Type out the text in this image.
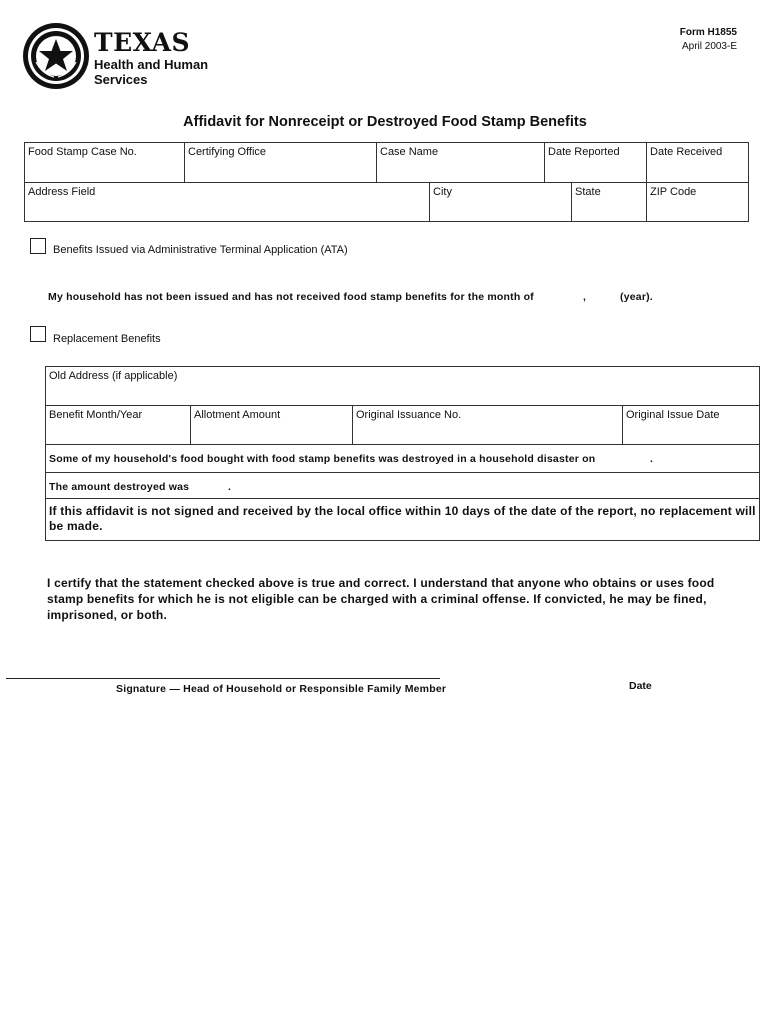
TEXAS
Health and Human
Services
Form H1855
April 2003-E
Affidavit for Nonreceipt or Destroyed Food Stamp Benefits
Food Stamp Case No.	Certifying Office	Case Name		Date Reported		Date Received
Address Field			City		State	ZIP Code
Benefits Issued via Administrative Terminal Application (ATA)
My household has not been issued and has not received food stamp benefits for the month of	,	(year).
Replacement Benefits
Old Address (if applicable)
Benefit Month/Year	Allotment Amount	Original Issuance No.	Original Issue Date
Some of my household's food bought with food stamp benefits was destroyed in a household disaster on	.

The amount destroyed was	.

If this affidavit is not signed and received by the local office within 10 days of the date of the report, no replacement will be made.
I certify that the statement checked above is true and correct. I understand that anyone who obtains or uses food stamp benefits for which he is not eligible can be charged with a criminal offense. If convicted, he may be fined, imprisoned, or both.
Signature — Head of Household or Responsible Family Member	Date
